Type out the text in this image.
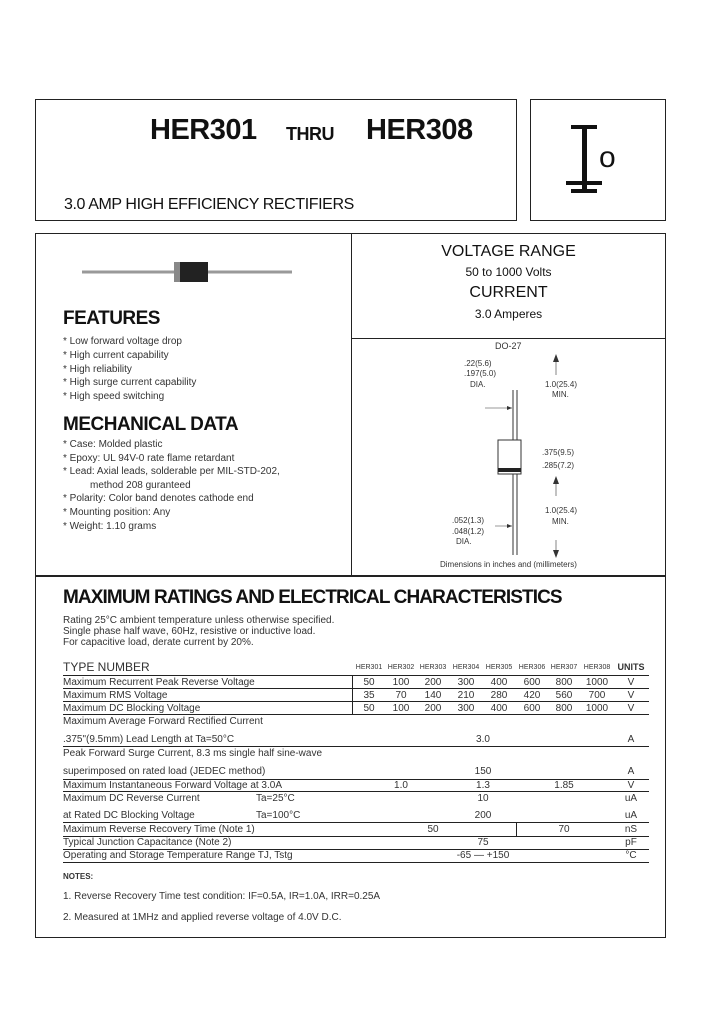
HER301 THRU HER308
3.0 AMP HIGH EFFICIENCY RECTIFIERS
o
FEATURES
* Low forward voltage drop
* High current capability
* High reliability
* High surge current capability
* High speed switching
MECHANICAL DATA
* Case: Molded plastic
* Epoxy: UL 94V-0 rate flame retardant
* Lead: Axial leads, solderable per MIL-STD-202,
method 208 guranteed
* Polarity: Color band denotes cathode end
* Mounting position: Any
* Weight: 1.10 grams
VOLTAGE RANGE
50 to 1000 Volts
CURRENT
3.0 Amperes
DO-27
.22(5.6)
.197(5.0)
DIA.	1.0(25.4)
MIN.
.375(9.5)
.285(7.2)
1.0(25.4)
MIN.
.052(1.3)
.048(1.2)
DIA.
Dimensions in inches and (millimeters)
MAXIMUM RATINGS AND ELECTRICAL CHARACTERISTICS
Rating 25°C ambient temperature unless otherwise specified.
Single phase half wave, 60Hz, resistive or inductive load.
For capacitive load, derate current by 20%.
TYPE NUMBER	HER301 HER302 HER303 HER304 HER305 HER306 HER307 HER308 UNITS
Maximum Recurrent Peak Reverse Voltage	50	100	200	300	400	600	800	1000	V
Maximum RMS Voltage	35	70	140	210	280	420	560	700	V
Maximum DC Blocking Voltage	50	100	200	300	400	600	800	1000	V
Maximum Average Forward Rectified Current
.375"(9.5mm) Lead Length at Ta=50°C	3.0	A
Peak Forward Surge Current, 8.3 ms single half sine-wave
superimposed on rated load (JEDEC method)	150	A
Maximum Instantaneous Forward Voltage at 3.0A	1.0	1.3	1.85	V
Maximum DC Reverse Current	Ta=25°C	10	uA
at Rated DC Blocking Voltage	Ta=100°C	200	uA
Maximum Reverse Recovery Time (Note 1)	50	70	nS
Typical Junction Capacitance (Note 2)	75	pF
Operating and Storage Temperature Range TJ, Tstg	-65 — +150	°C
NOTES:
1. Reverse Recovery Time test condition: IF=0.5A, IR=1.0A, IRR=0.25A
2. Measured at 1MHz and applied reverse voltage of 4.0V D.C.
